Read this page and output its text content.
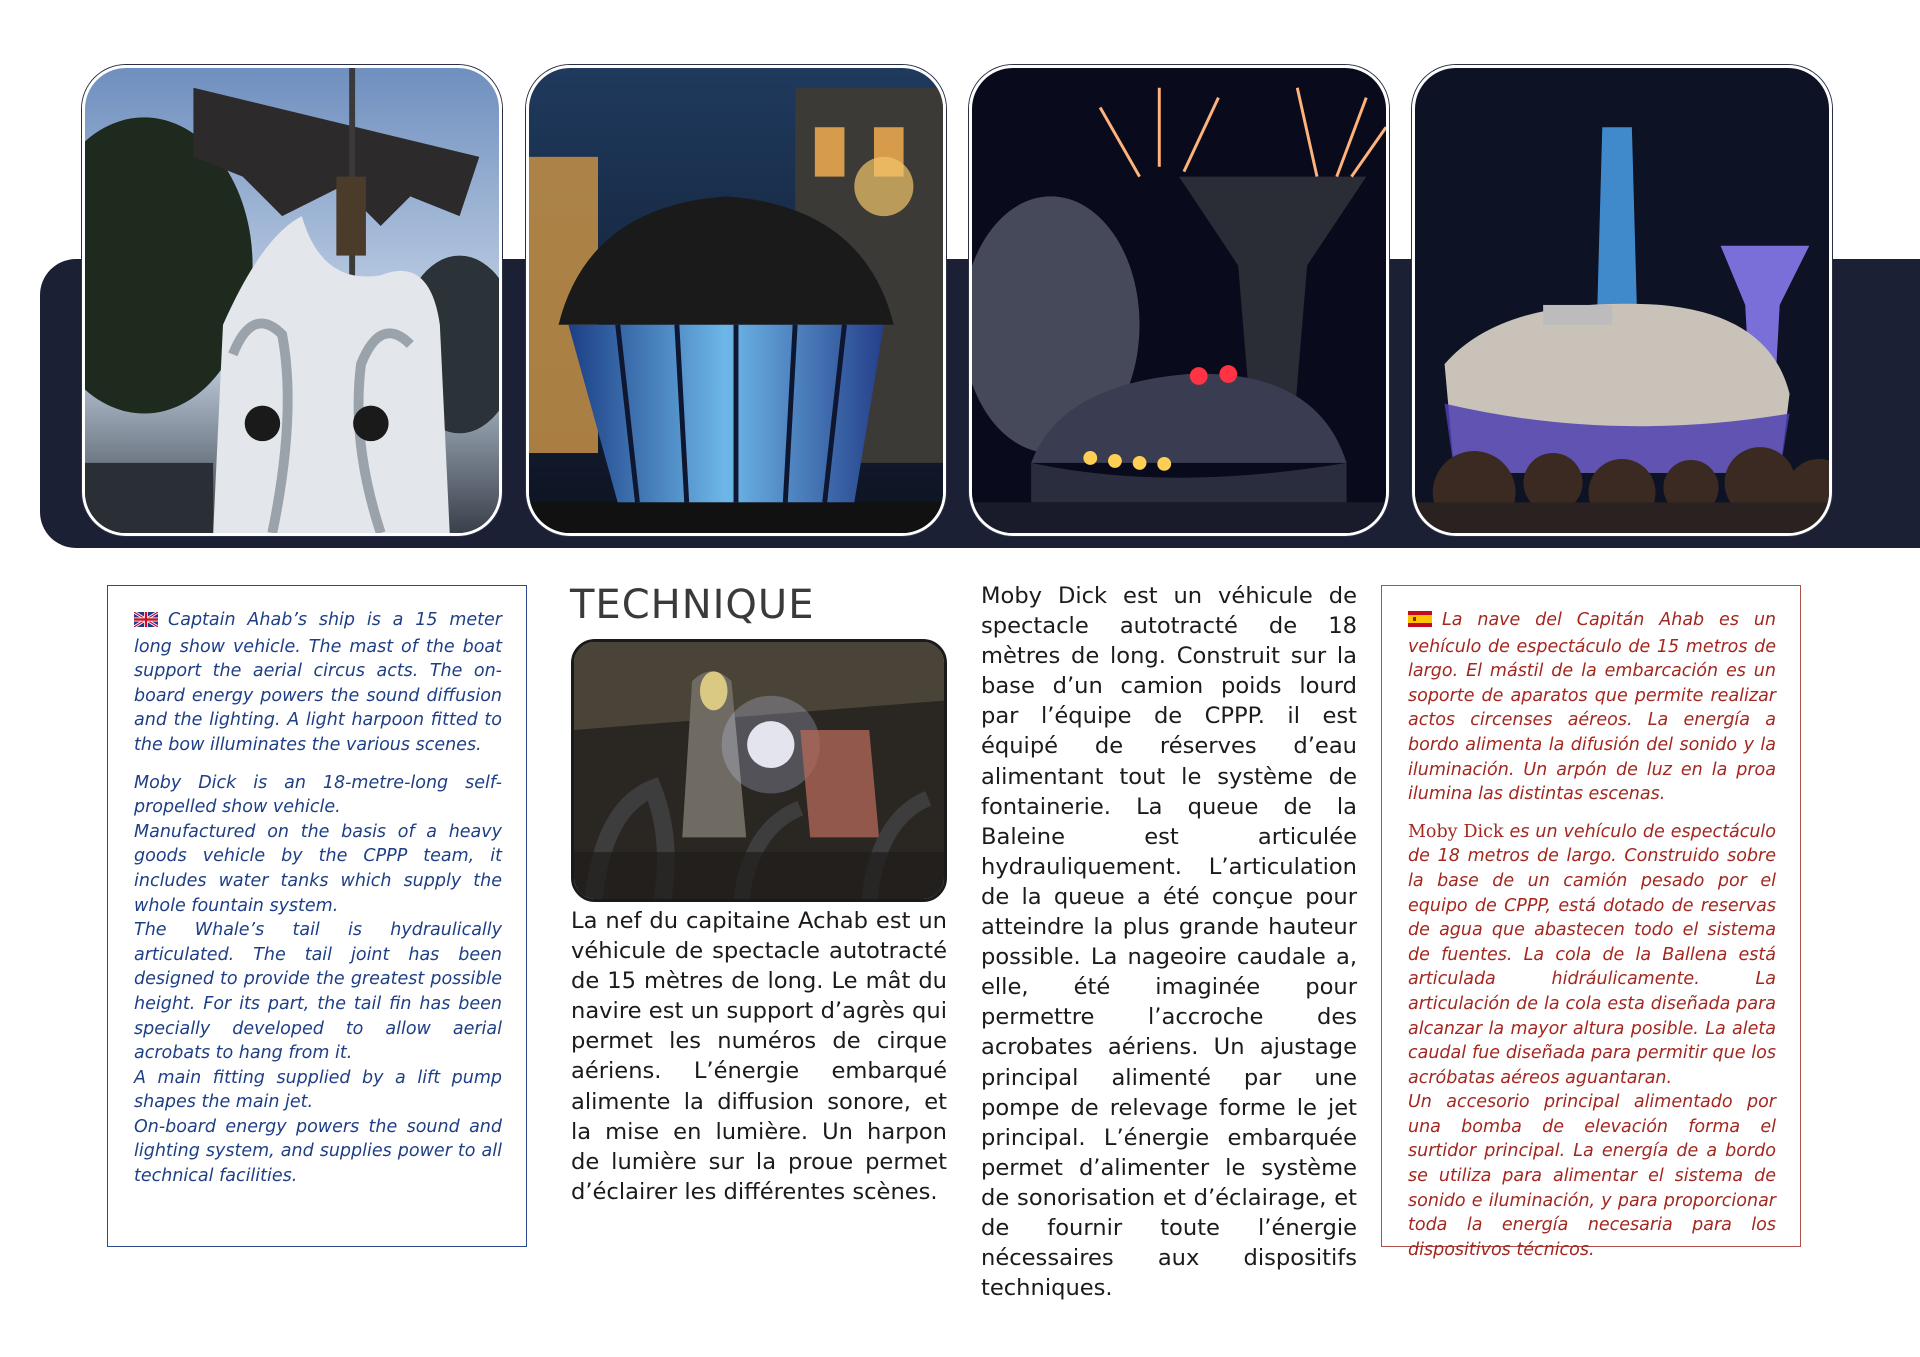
Captain Ahab’s ship is a 15 meter long show vehicle. The mast of the boat support the aerial circus acts. The on-board energy powers the sound diffusion and the lighting. A light harpoon fitted to the bow illuminates the various scenes.

Moby Dick is an 18-metre-long self-propelled show vehicle.

Manufactured on the basis of a heavy goods vehicle by the CPPP team, it includes water tanks which supply the whole fountain system.

The Whale’s tail is hydraulically articulated. The tail joint has been designed to provide the greatest possible height. For its part, the tail fin has been specially developed to allow aerial acrobats to hang from it.

A main fitting supplied by a lift pump shapes the main jet.

On-board energy powers the sound and lighting system, and supplies power to all technical facilities.

TECHNIQUE

La nef du capitaine Achab est un véhicule de spectacle autotracté de 15 mètres de long. Le mât du navire est un support d’agrès qui permet les numéros de cirque aériens. L’énergie embarqué alimente la diffusion sonore, et la mise en lumière. Un harpon de lumière sur la proue permet d’éclairer les différentes scènes.

Moby Dick est un véhicule de spectacle autotracté de 18 mètres de long. Construit sur la base d’un camion poids lourd par l’équipe de CPPP. il est équipé de réserves d’eau alimentant tout le système de fontainerie. La queue de la Baleine est articulée hydrauliquement. L’articulation de la queue a été conçue pour atteindre la plus grande hauteur possible. La nageoire caudale a, elle, été imaginée pour permettre l’accroche des acrobates aériens. Un ajustage principal alimenté par une pompe de relevage forme le jet principal. L’énergie embarquée permet d’alimenter le système de sonorisation et d’éclairage, et de fournir toute l’énergie nécessaires aux dispositifs techniques.

La nave del Capitán Ahab es un vehículo de espectáculo de 15 metros de largo. El mástil de la embarcación es un soporte de aparatos que permite realizar actos circenses aéreos. La energía a bordo alimenta la difusión del sonido y la iluminación. Un arpón de luz en la proa ilumina las distintas escenas.

Moby Dick es un vehículo de espectáculo de 18 metros de largo. Construido sobre la base de un camión pesado por el equipo de CPPP, está dotado de reservas de agua que abastecen todo el sistema de fuentes. La cola de la Ballena está articulada hidráulicamente. La articulación de la cola esta diseñada para alcanzar la mayor altura posible. La aleta caudal fue diseñada para permitir que los acróbatas aéreos aguantaran.

Un accesorio principal alimentado por una bomba de elevación forma el surtidor principal. La energía de a bordo se utiliza para alimentar el sistema de sonido e iluminación, y para proporcionar toda la energía necesaria para los dispositivos técnicos.
